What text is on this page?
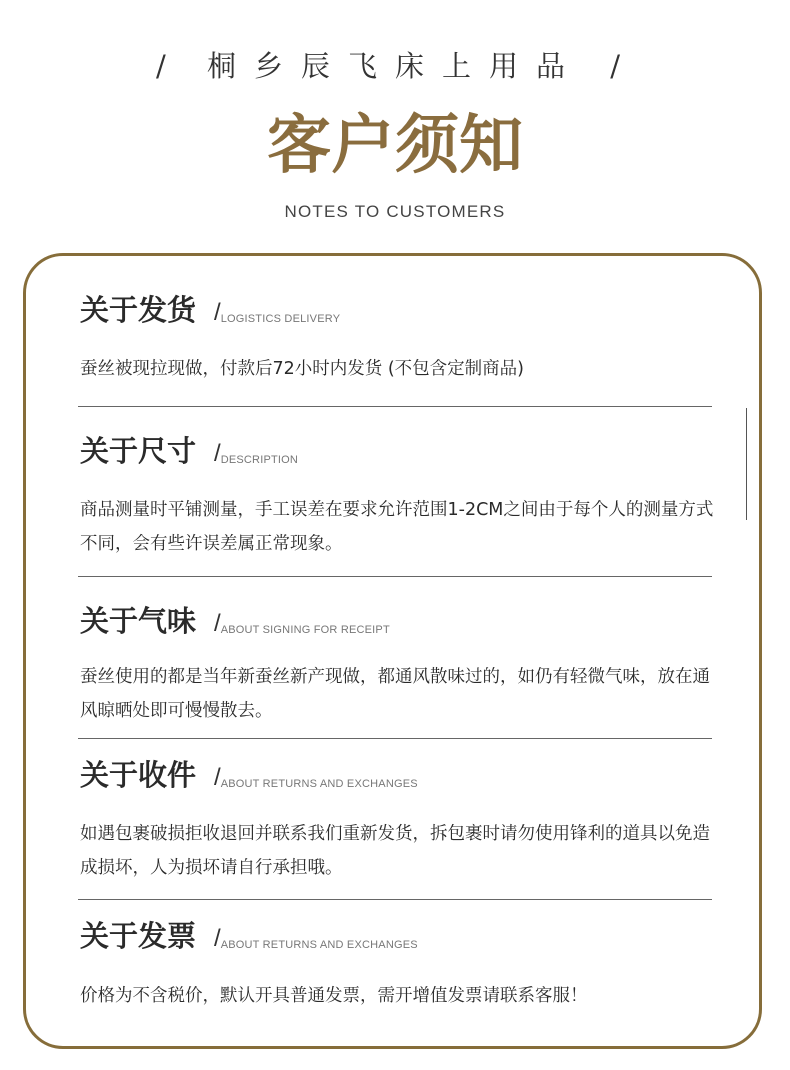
/ 桐乡辰飞床上用品 /
客户须知
NOTES TO CUSTOMERS
关于发货 /LOGISTICS DELIVERY
蚕丝被现拉现做，付款后72小时内发货 (不包含定制商品)
关于尺寸 /DESCRIPTION
商品测量时平铺测量，手工误差在要求允许范围1-2CM之间由于每个人的测量方式不同，会有些许误差属正常现象。
关于气味 /ABOUT SIGNING FOR RECEIPT
蚕丝使用的都是当年新蚕丝新产现做，都通风散味过的，如仍有轻微气味，放在通风晾晒处即可慢慢散去。
关于收件 /ABOUT RETURNS AND EXCHANGES
如遇包裹破损拒收退回并联系我们重新发货，拆包裹时请勿使用锋利的道具以免造成损坏，人为损坏请自行承担哦。
关于发票 /ABOUT RETURNS AND EXCHANGES
价格为不含税价，默认开具普通发票，需开增值发票请联系客服！
